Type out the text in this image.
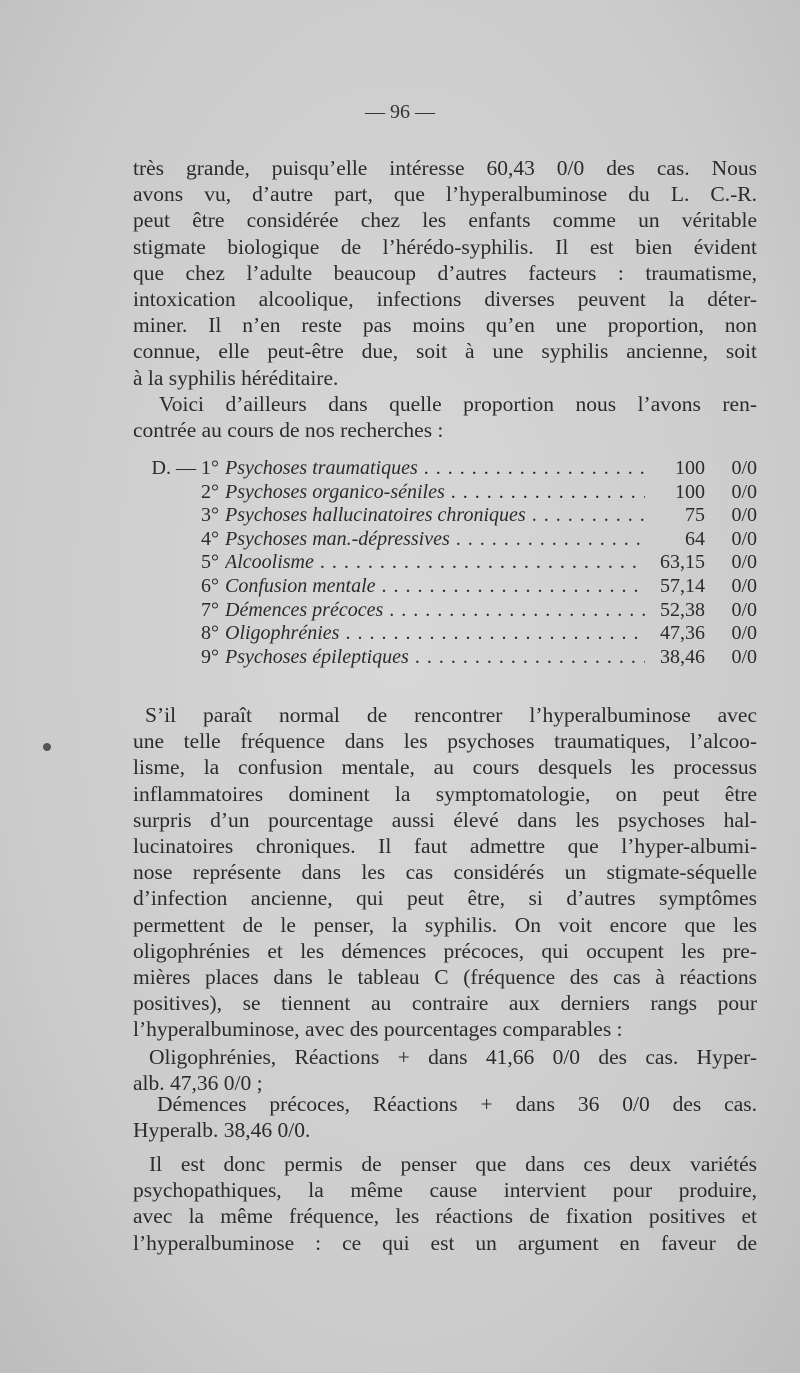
— 96 —
très grande, puisqu’elle intéresse 60,43 0/0 des cas. Nous
avons vu, d’autre part, que l’hyperalbuminose du L. C.-R.
peut être considérée chez les enfants comme un véritable
stigmate biologique de l’hérédo-syphilis. Il est bien évident
que chez l’adulte beaucoup d’autres facteurs : traumatisme,
intoxication alcoolique, infections diverses peuvent la déter-
miner. Il n’en reste pas moins qu’en une proportion, non
connue, elle peut-être due, soit à une syphilis ancienne, soit
à la syphilis héréditaire.
Voici d’ailleurs dans quelle proportion nous l’avons ren-
contrée au cours de nos recherches :
D. — 1° Psychoses traumatiques . . .	100	0/0
2° Psychoses organico-séniles . . .	100	0/0
3° Psychoses hallucinatoires chroniques . . .	75	0/0
4° Psychoses man.-dépressives . . .	64	0/0
5° Alcoolisme . . .	63,15	0/0
6° Confusion mentale . . .	57,14	0/0
7° Démences précoces . . .	52,38	0/0
8° Oligophrénies . . .	47,36	0/0
9° Psychoses épileptiques . . .	38,46	0/0
S’il paraît normal de rencontrer l’hyperalbuminose avec
une telle fréquence dans les psychoses traumatiques, l’alcoo-
lisme, la confusion mentale, au cours desquels les processus
inflammatoires dominent la symptomatologie, on peut être
surpris d’un pourcentage aussi élevé dans les psychoses hal-
lucinatoires chroniques. Il faut admettre que l’hyper-albumi-
nose représente dans les cas considérés un stigmate-séquelle
d’infection ancienne, qui peut être, si d’autres symptômes
permettent de le penser, la syphilis. On voit encore que les
oligophrénies et les démences précoces, qui occupent les pre-
mières places dans le tableau C (fréquence des cas à réactions
positives), se tiennent au contraire aux derniers rangs pour
l’hyperalbuminose, avec des pourcentages comparables :
Oligophrénies, Réactions + dans 41,66 0/0 des cas. Hyper-
alb. 47,36 0/0 ;
Démences précoces, Réactions + dans 36 0/0 des cas.
Hyperalb. 38,46 0/0.
Il est donc permis de penser que dans ces deux variétés
psychopathiques, la même cause intervient pour produire,
avec la même fréquence, les réactions de fixation positives et
l’hyperalbuminose : ce qui est un argument en faveur de
